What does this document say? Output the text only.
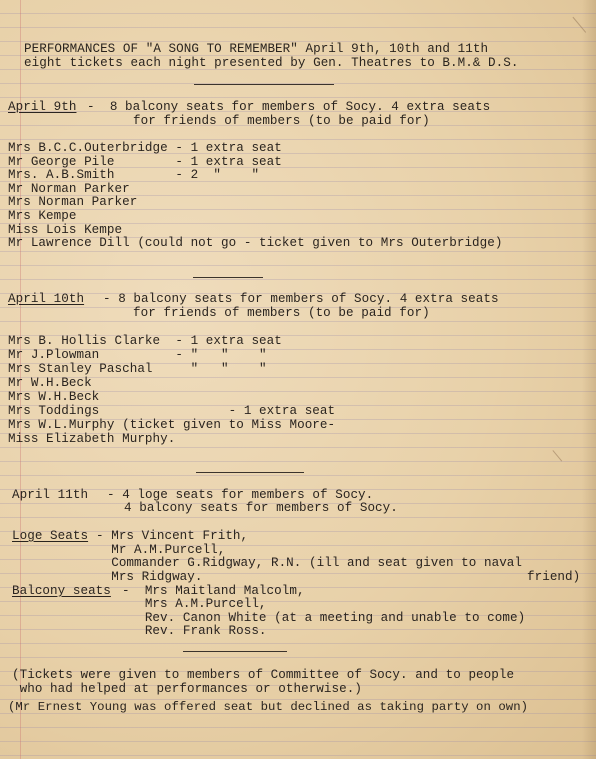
PERFORMANCES OF "A SONG TO REMEMBER" April 9th, 10th and 11th
eight tickets each night presented by Gen. Theatres to B.M.& D.S.
April 9th -  8 balcony seats for members of Socy. 4 extra seats
for friends of members (to be paid for)
Mrs B.C.C.Outerbridge - 1 extra seat
Mr George Pile        - 1 extra seat
Mrs. A.B.Smith        - 2  "    "
Mr Norman Parker
Mrs Norman Parker
Mrs Kempe
Miss Lois Kempe
Mr Lawrence Dill (could not go - ticket given to Mrs Outerbridge)
April 10th - 8 balcony seats for members of Socy. 4 extra seats
for friends of members (to be paid for)
Mrs B. Hollis Clarke  - 1 extra seat
Mr J.Plowman          - "   "    "
Mrs Stanley Paschal     "   "    "
Mr W.H.Beck
Mrs W.H.Beck
Mrs Toddings                 - 1 extra seat
Mrs W.L.Murphy (ticket given to Miss Moore-
Miss Elizabeth Murphy.
April 11th - 4 loge seats for members of Socy.
4 balcony seats for members of Socy.
Loge Seats - Mrs Vincent Frith,
Mr A.M.Purcell,
Commander G.Ridgway, R.N. (ill and seat given to naval
Mrs Ridgway.	friend)
Balcony seats -  Mrs Maitland Malcolm,
Mrs A.M.Purcell,
Rev. Canon White (at a meeting and unable to come)
Rev. Frank Ross.
(Tickets were given to members of Committee of Socy. and to people
who had helped at performances or otherwise.)
(Mr Ernest Young was offered seat but declined as taking party on own)
